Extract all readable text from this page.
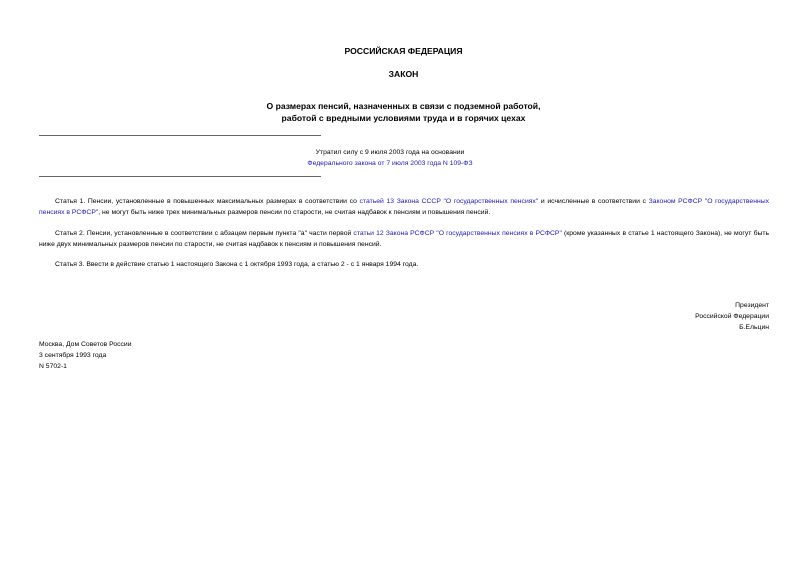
РОССИЙСКАЯ ФЕДЕРАЦИЯ
ЗАКОН
О размерах пенсий, назначенных в связи с подземной работой,
работой с вредными условиями труда и в горячих цехах
Утратил силу с 9 июля 2003 года на основании
Федерального закона от 7 июля 2003 года N 109-ФЗ
Статья 1. Пенсии, установленные в повышенных максимальных размерах в соответствии со статьей 13 Закона СССР "О государственных пенсиях" и исчисленные в соответствии с Законом РСФСР "О государственных пенсиях в РСФСР", не могут быть ниже трех минимальных размеров пенсии по старости, не считая надбавок к пенсиям и повышения пенсий.
Статья 2. Пенсии, установленные в соответствии с абзацем первым пункта "а" части первой статьи 12 Закона РСФСР "О государственных пенсиях в РСФСР" (кроме указанных в статье 1 настоящего Закона), не могут быть ниже двух минимальных размеров пенсии по старости, не считая надбавок к пенсиям и повышения пенсий.
Статья 3. Ввести в действие статью 1 настоящего Закона с 1 октября 1993 года, а статью 2 - с 1 января 1994 года.
Президент
Российской Федерации
Б.Ельцин
Москва, Дом Советов России
3 сентября 1993 года
N 5702-1
